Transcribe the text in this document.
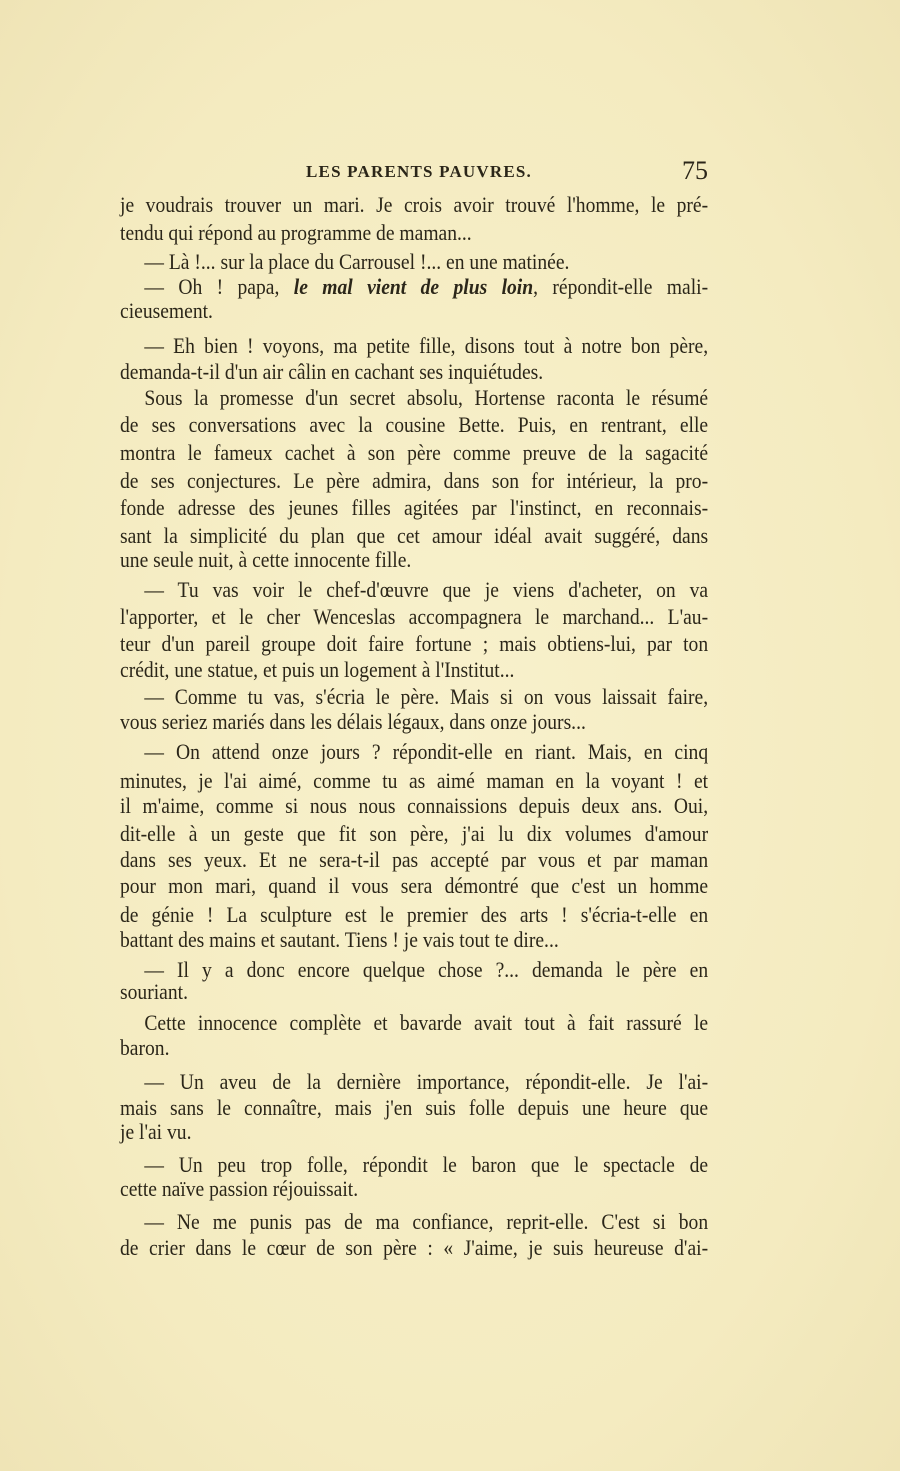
LES PARENTS PAUVRES.	75
je voudrais trouver un mari. Je crois avoir trouvé l'homme, le pré-
tendu qui répond au programme de maman...
— Là !... sur la place du Carrousel !... en une matinée.
— Oh ! papa, le mal vient de plus loin, répondit-elle mali-
cieusement.
— Eh bien ! voyons, ma petite fille, disons tout à notre bon père,
demanda-t-il d'un air câlin en cachant ses inquiétudes.
Sous la promesse d'un secret absolu, Hortense raconta le résumé
de ses conversations avec la cousine Bette. Puis, en rentrant, elle
montra le fameux cachet à son père comme preuve de la sagacité
de ses conjectures. Le père admira, dans son for intérieur, la pro-
fonde adresse des jeunes filles agitées par l'instinct, en reconnais-
sant la simplicité du plan que cet amour idéal avait suggéré, dans
une seule nuit, à cette innocente fille.
— Tu vas voir le chef-d'œuvre que je viens d'acheter, on va
l'apporter, et le cher Wenceslas accompagnera le marchand... L'au-
teur d'un pareil groupe doit faire fortune ; mais obtiens-lui, par ton
crédit, une statue, et puis un logement à l'Institut...
— Comme tu vas, s'écria le père. Mais si on vous laissait faire,
vous seriez mariés dans les délais légaux, dans onze jours...
— On attend onze jours ? répondit-elle en riant. Mais, en cinq
minutes, je l'ai aimé, comme tu as aimé maman en la voyant ! et
il m'aime, comme si nous nous connaissions depuis deux ans. Oui,
dit-elle à un geste que fit son père, j'ai lu dix volumes d'amour
dans ses yeux. Et ne sera-t-il pas accepté par vous et par maman
pour mon mari, quand il vous sera démontré que c'est un homme
de génie ! La sculpture est le premier des arts ! s'écria-t-elle en
battant des mains et sautant. Tiens ! je vais tout te dire...
— Il y a donc encore quelque chose ?... demanda le père en
souriant.
Cette innocence complète et bavarde avait tout à fait rassuré le
baron.
— Un aveu de la dernière importance, répondit-elle. Je l'ai-
mais sans le connaître, mais j'en suis folle depuis une heure que
je l'ai vu.
— Un peu trop folle, répondit le baron que le spectacle de
cette naïve passion réjouissait.
— Ne me punis pas de ma confiance, reprit-elle. C'est si bon
de crier dans le cœur de son père : « J'aime, je suis heureuse d'ai-
